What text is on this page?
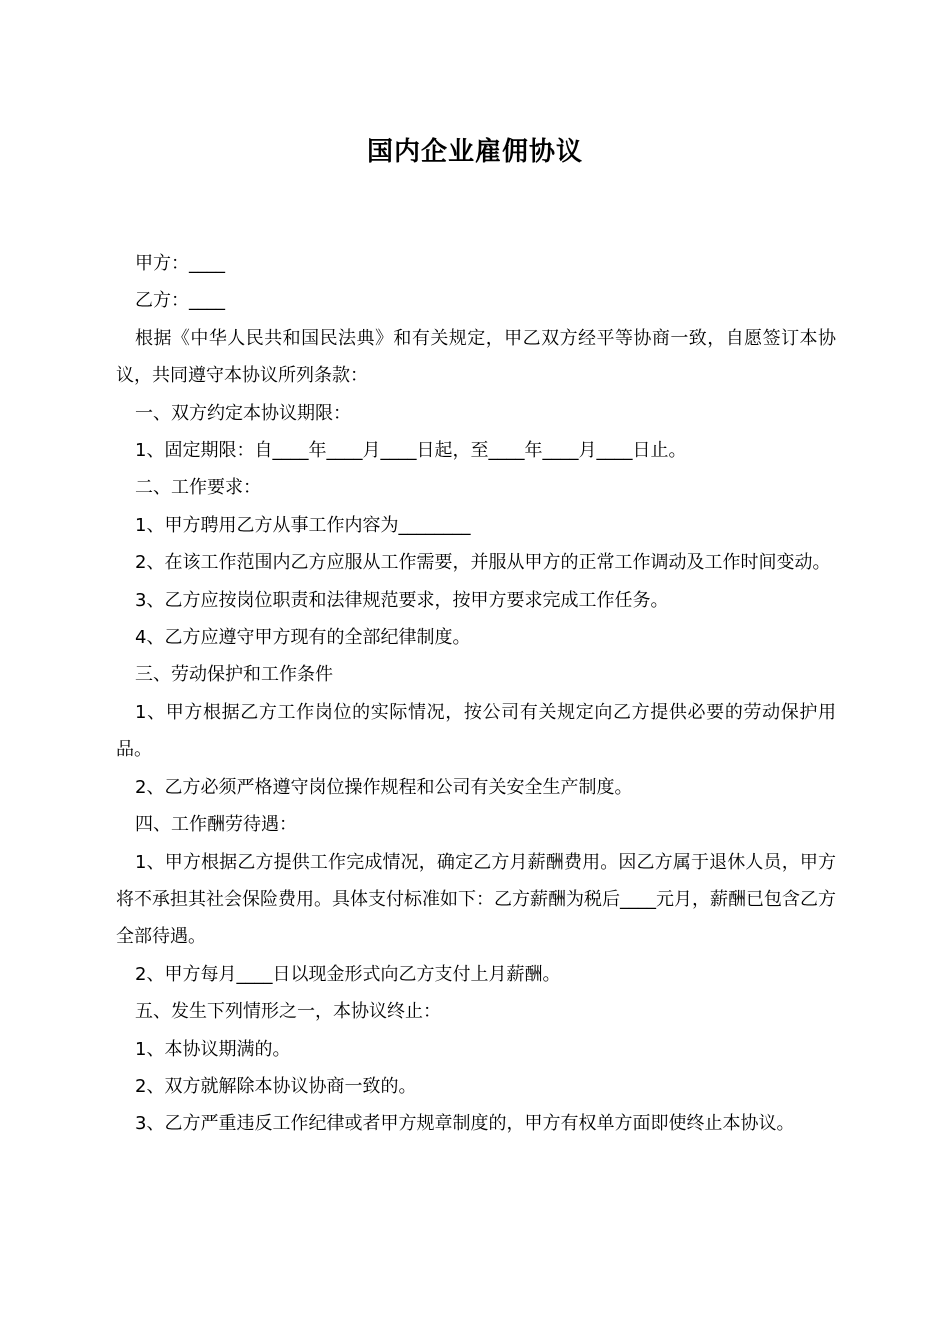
国内企业雇佣协议

甲方：____

乙方：____

根据《中华人民共和国民法典》和有关规定，甲乙双方经平等协商一致，自愿签订本协议，共同遵守本协议所列条款：

一、双方约定本协议期限：

1、固定期限：自____年____月____日起，至____年____月____日止。

二、工作要求：

1、甲方聘用乙方从事工作内容为________

2、在该工作范围内乙方应服从工作需要，并服从甲方的正常工作调动及工作时间变动。

3、乙方应按岗位职责和法律规范要求，按甲方要求完成工作任务。

4、乙方应遵守甲方现有的全部纪律制度。

三、劳动保护和工作条件

1、甲方根据乙方工作岗位的实际情况，按公司有关规定向乙方提供必要的劳动保护用品。

2、乙方必须严格遵守岗位操作规程和公司有关安全生产制度。

四、工作酬劳待遇：

1、甲方根据乙方提供工作完成情况，确定乙方月薪酬费用。因乙方属于退休人员，甲方将不承担其社会保险费用。具体支付标准如下：乙方薪酬为税后____元月，薪酬已包含乙方全部待遇。

2、甲方每月____日以现金形式向乙方支付上月薪酬。

五、发生下列情形之一，本协议终止：

1、本协议期满的。

2、双方就解除本协议协商一致的。

3、乙方严重违反工作纪律或者甲方规章制度的，甲方有权单方面即使终止本协议。
